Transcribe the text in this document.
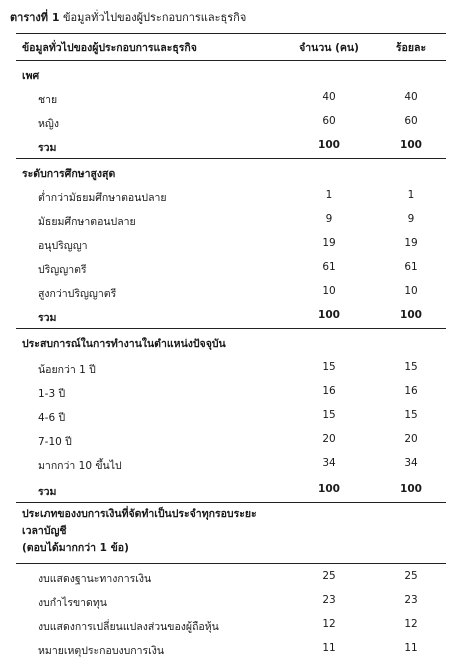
ตารางที่ 1 ข้อมูลทั่วไปของผู้ประกอบการและธุรกิจ
ข้อมูลทั่วไปของผู้ประกอบการและธุรกิจ	จำนวน (คน)	ร้อยละ
เพศ
ชาย	40	40
หญิง	60	60
รวม	100	100
ระดับการศึกษาสูงสุด
ต่ำกว่ามัธยมศึกษาตอนปลาย	1	1
มัธยมศึกษาตอนปลาย	9	9
อนุปริญญา	19	19
ปริญญาตรี	61	61
สูงกว่าปริญญาตรี	10	10
รวม	100	100
ประสบการณ์ในการทำงานในตำแหน่งปัจจุบัน
น้อยกว่า 1 ปี	15	15
1-3 ปี	16	16
4-6 ปี	15	15
7-10 ปี	20	20
มากกว่า 10 ขึ้นไป	34	34
รวม	100	100
ประเภทของงบการเงินที่จัดทำเป็นประจำทุกรอบระยะ
เวลาบัญชี
(ตอบได้มากกว่า 1 ข้อ)
งบแสดงฐานะทางการเงิน	25	25
งบกำไรขาดทุน	23	23
งบแสดงการเปลี่ยนแปลงส่วนของผู้ถือหุ้น	12	12
หมายเหตุประกอบงบการเงิน	11	11
